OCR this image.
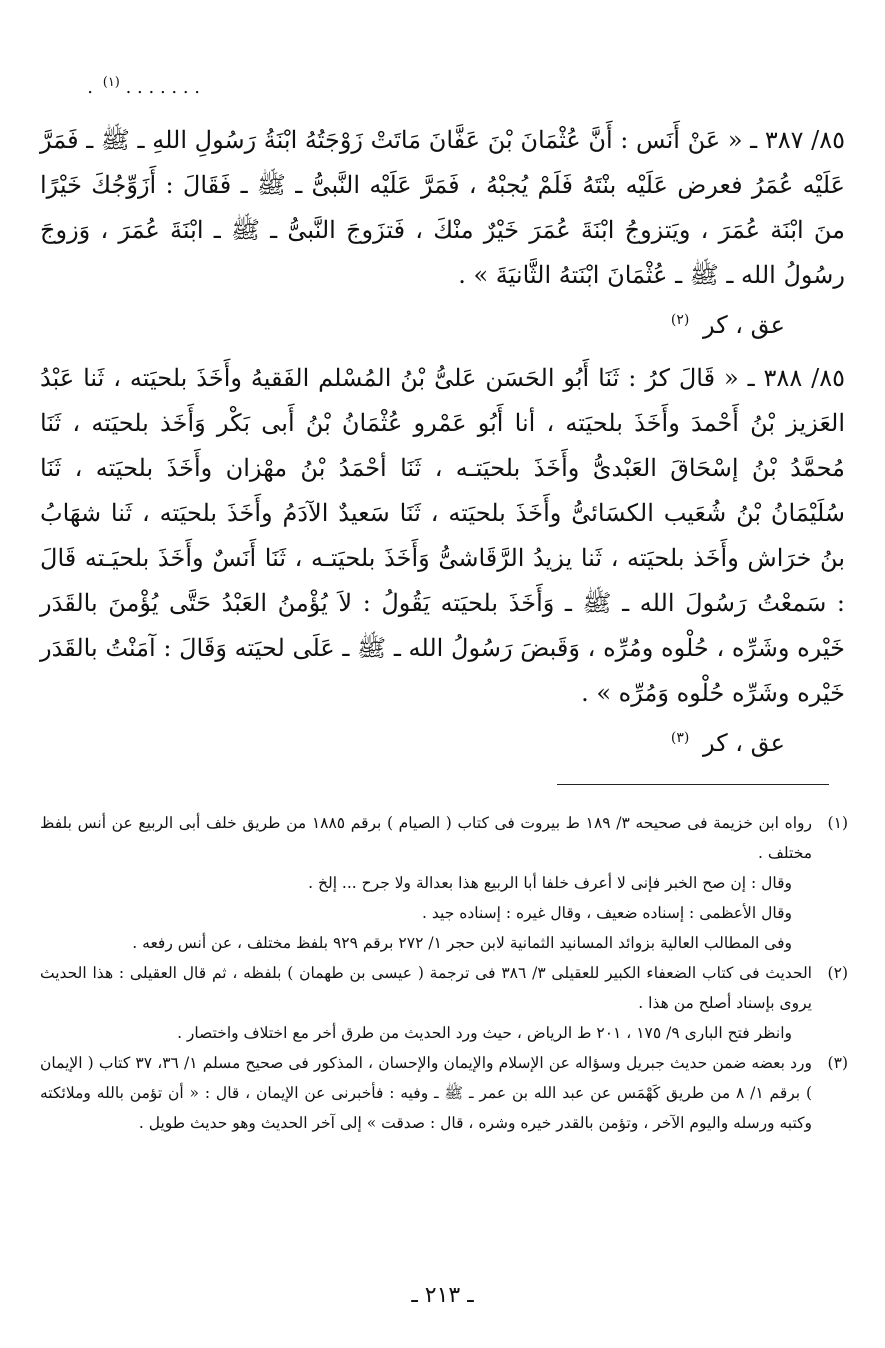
. . . . . . . $^{(١)}$ .

٨٥/ ٣٨٧ ـ « عَنْ أَنَس : أَنَّ عُثْمَانَ بْنَ عَفَّانَ مَاتَتْ زَوْجَتُهُ ابْنَةُ رَسُولِ اللهِ ـ ﷺ ـ فَمَرَّ عَلَيْه عُمَرُ فعرض عَلَيْه بنْتَهُ فَلَمْ يُجبْهُ ، فَمَرَّ عَلَيْه النَّبىُّ ـ ﷺ ـ فَقَالَ : أَزَوِّجُكَ خَيْرًا منَ ابْنَة عُمَرَ ، ويَتزوجُ ابْنَةَ عُمَرَ خَيْرٌ منْكَ ، فَتزَوجَ النَّبىُّ ـ ﷺ ـ ابْنَةَ عُمَرَ ، وَزوجَ رسُولُ الله ـ ﷺ ـ عُثْمَانَ ابْنَتهُ الثَّانيَةَ » .

عق ، كر $^{(٢)}$

٨٥/ ٣٨٨ ـ « قَالَ كرُ : ثَنَا أَبُو الحَسَن عَلىُّ بْنُ المُسْلم الفَقيهُ وأَخَذَ بلحيَته ، ثَنا عَبْدُ العَزيز بْنُ أَحْمدَ وأَخَذَ بلحيَته ، أنا أَبُو عَمْرو عُثْمَانُ بْنُ أَبى بَكْر وَأَخَذ بلحيَته ، ثَنَا مُحمَّدُ بْنُ إسْحَاقَ العَبْدىُّ وأَخَذَ بلحيَتـه ، ثَنَا أحْمَدُ بْنُ مهْزان وأَخَذَ بلحيَته ، ثَنَا سُلَيْمَانُ بْنُ شُعَيب الكسَائىُّ وأَخَذَ بلحيَته ، ثَنَا سَعيدٌ الآدَمُ وأَخَذَ بلحيَته ، ثَنا شهَابُ بنُ خرَاش وأَخَذ بلحيَته ، ثَنا يزيدُ الرَّقَاشىُّ وَأَخَذَ بلحيَتـه ، ثَنَا أَنَسٌ وأَخَذَ بلحيَـته قَالَ : سَمعْتُ رَسُولَ الله ـ ﷺ ـ وَأَخَذَ بلحيَته يَقُولُ : لاَ يُؤْمنُ العَبْدُ حَتَّى يُؤْمنَ بالقَدَر خَيْره وشَرِّه ، حُلْوه ومُرِّه ، وَقَبضَ رَسُولُ الله ـ ﷺ ـ عَلَى لحيَته وَقَالَ : آمَنْتُ بالقَدَر خَيْره وشَرِّه حُلْوه وَمُرِّه » .

عق ، كر $^{(٣)}$

(١)
رواه ابن خزيمة فى صحيحه ٣/ ١٨٩ ط بيروت فى كتاب ( الصيام ) برقم ١٨٨٥ من طريق خلف أبى الربيع عن أنس بلفظ مختلف .
وقال : إن صح الخبر فإنى لا أعرف خلفا أبا الربيع هذا بعدالة ولا جرح ... إلخ .
وقال الأعظمى : إسناده ضعيف ، وقال غيره : إسناده جيد .
وفى المطالب العالية بزوائد المسانيد الثمانية لابن حجر ١/ ٢٧٢ برقم ٩٢٩ بلفظ مختلف ، عن أنس رفعه .
(٢)
الحديث فى كتاب الضعفاء الكبير للعقيلى ٣/ ٣٨٦ فى ترجمة ( عيسى بن طهمان ) بلفظه ، ثم قال العقيلى : هذا الحديث يروى بإسناد أصلح من هذا .
وانظر فتح البارى ٩/ ١٧٥ ، ٢٠١ ط الرياض ، حيث ورد الحديث من طرق أخر مع اختلاف واختصار .
(٣)
ورد بعضه ضمن حديث جبريل وسؤاله عن الإسلام والإيمان والإحسان ، المذكور فى صحيح مسلم ١/ ٣٦، ٣٧ كتاب ( الإيمان ) برقم ١/ ٨ من طريق كَهْمَس عن عبد الله بن عمر ـ ﷺ ـ وفيه : فأخبرنى عن الإيمان ، قال : « أن تؤمن بالله وملائكته وكتبه ورسله واليوم الآخر ، وتؤمن بالقدر خيره وشره ، قال : صدقت » إلى آخر الحديث وهو حديث طويل .
ـ ٢١٣ ـ
